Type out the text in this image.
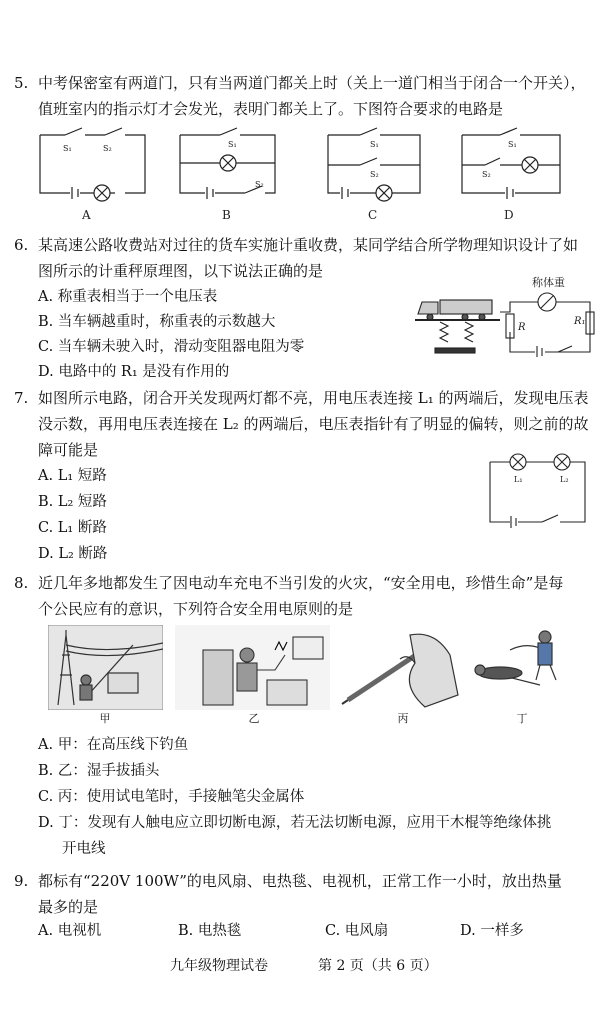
5. 中考保密室有两道门，只有当两道门都关上时（关上一道门相当于闭合一个开关），
值班室内的指示灯才会发光，表明门都关上了。下图符合要求的电路是
S₁	S₂	S₁
S₂
S₁
S₂
S₁
S₂
A	B	C	D
6. 某高速公路收费站对过往的货车实施计重收费，某同学结合所学物理知识设计了如
图所示的计重秤原理图，以下说法正确的是
A. 称重表相当于一个电压表
B. 当车辆越重时，称重表的示数越大
C. 当车辆未驶入时，滑动变阻器电阻为零
D. 电路中的 R₁ 是没有作用的
称体重
R
R₁
7. 如图所示电路，闭合开关发现两灯都不亮，用电压表连接 L₁ 的两端后，发现电压表
没示数，再用电压表连接在 L₂ 的两端后，电压表指针有了明显的偏转，则之前的故
障可能是
A. L₁ 短路
B. L₂ 短路
C. L₁ 断路
D. L₂ 断路
L₁	L₂
8. 近几年多地都发生了因电动车充电不当引发的火灾，“安全用电，珍惜生命”是每
个公民应有的意识，下列符合安全用电原则的是
甲	乙	丙	丁
A. 甲：在高压线下钓鱼
B. 乙：湿手拔插头
C. 丙：使用试电笔时，手接触笔尖金属体
D. 丁：发现有人触电应立即切断电源，若无法切断电源，应用干木棍等绝缘体挑
开电线
9. 都标有“220V 100W”的电风扇、电热毯、电视机，正常工作一小时，放出热量
最多的是
A. 电视机	B. 电热毯	C. 电风扇	D. 一样多
九年级物理试卷	第 2 页（共 6 页）
